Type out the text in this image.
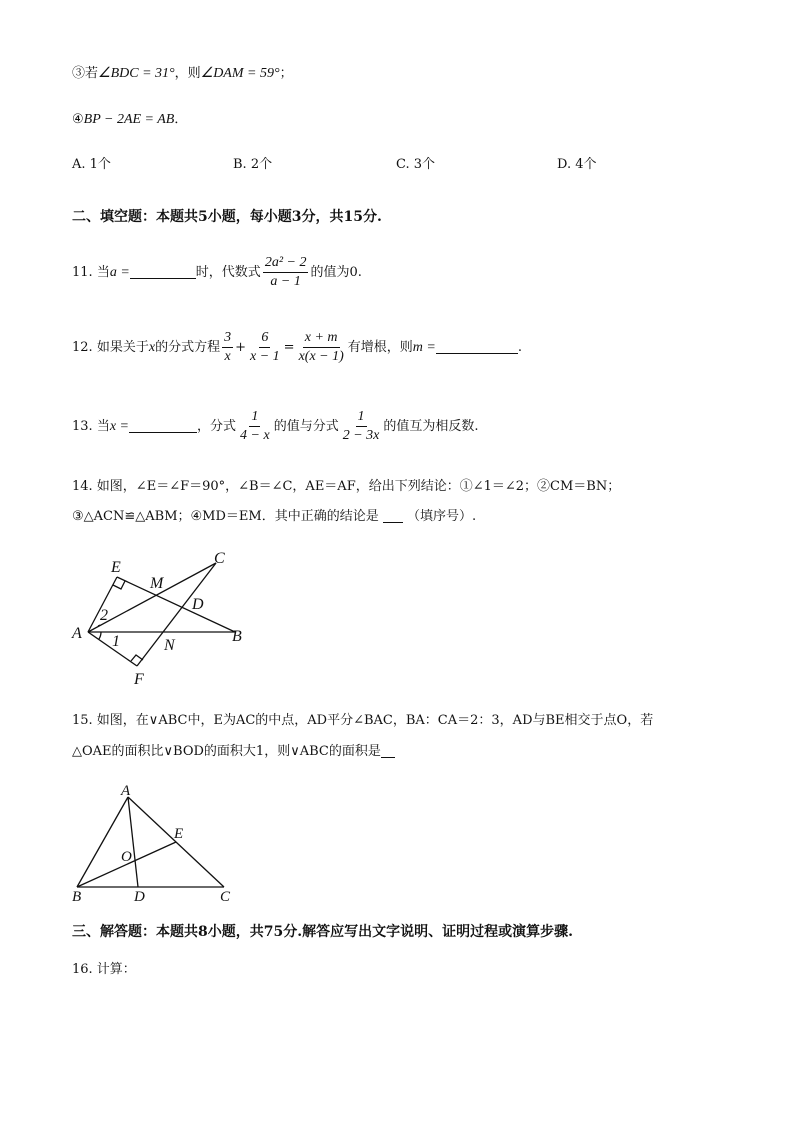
③若∠BDC = 31°，则∠DAM = 59°；
④BP − 2AE = AB．
A. 1个	B. 2个	C. 3个	D. 4个
二、填空题：本题共5小题，每小题3分，共15分.
11. 当a =	时，代数式 $\frac{\text{2a² − 2}}{a - 1}$ 的值为0.
12. 如果关于x的分式方程 $\frac{3}{x} + \frac{6}{x - 1} = \frac{x + m}{x(x - 1)}$ 有增根，则m =	.
13. 当x =	，分式 $\frac{1}{4 - x}$ 的值与分式 $\frac{1}{2 - 3x}$ 的值互为相反数.
14. 如图，∠E＝∠F＝90°，∠B＝∠C，AE＝AF，给出下列结论：①∠1＝∠2；②CM＝BN；
③△ACN≌△ABM；④MD＝EM．其中正确的结论是 （填序号）.
E
C
M
D
A	B
N
F
2
1
15. 如图，在∨ABC中，E为AC的中点，AD平分∠BAC，BA：CA＝2：3，AD与BE相交于点O，若
△OAE的面积比∨BOD的面积大1，则∨ABC的面积是
A
E
O
B	D	C
三、解答题：本题共8小题，共75分.解答应写出文字说明、证明过程或演算步骤.
16. 计算：
